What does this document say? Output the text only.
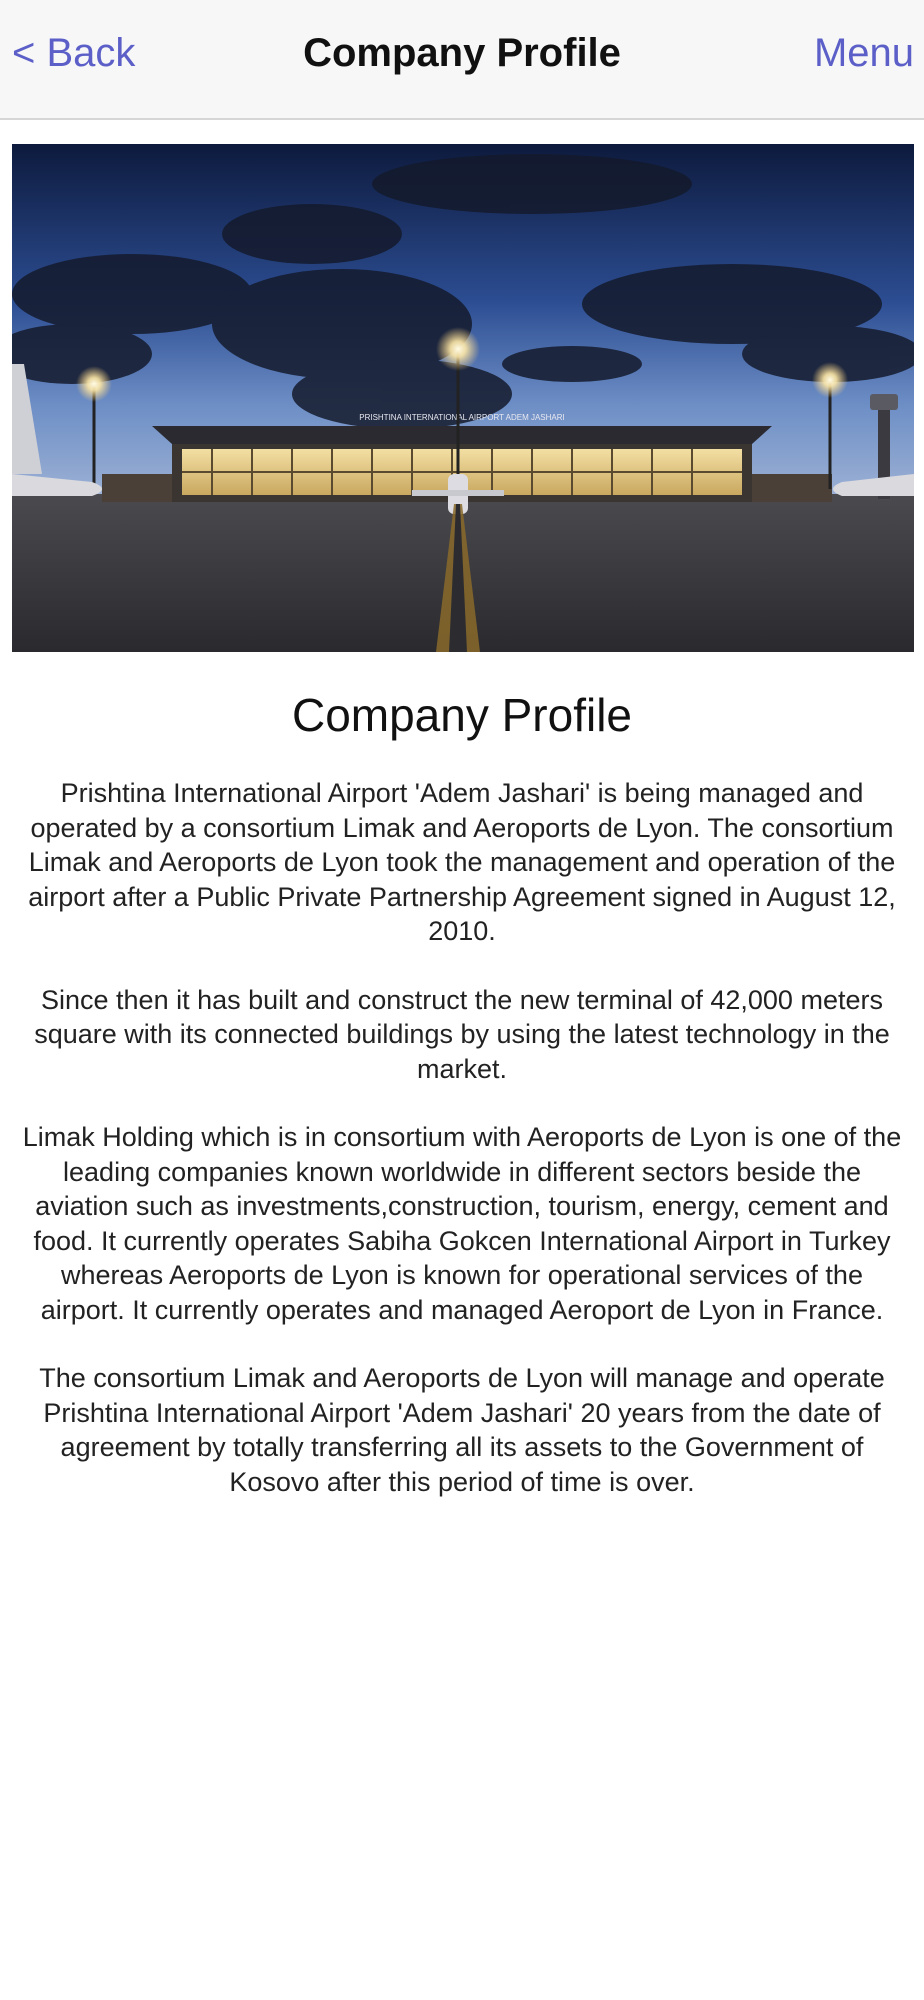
< Back	Company Profile	Menu
PRISHTINA INTERNATIONAL AIRPORT ADEM JASHARI
Company Profile

Prishtina International Airport 'Adem Jashari' is being managed and operated by a consortium Limak and Aeroports de Lyon. The consortium Limak and Aeroports de Lyon took the management and operation of the airport after a Public Private Partnership Agreement signed in August 12, 2010.

Since then it has built and construct the new terminal of 42,000 meters square with its connected buildings by using the latest technology in the market.

Limak Holding which is in consortium with Aeroports de Lyon is one of the leading companies known worldwide in different sectors beside the aviation such as investments,construction, tourism, energy, cement and food. It currently operates Sabiha Gokcen International Airport in Turkey whereas Aeroports de Lyon is known for operational services of the airport. It currently operates and managed Aeroport de Lyon in France.

The consortium Limak and Aeroports de Lyon will manage and operate Prishtina International Airport 'Adem Jashari' 20 years from the date of agreement by totally transferring all its assets to the Government of Kosovo after this period of time is over.
